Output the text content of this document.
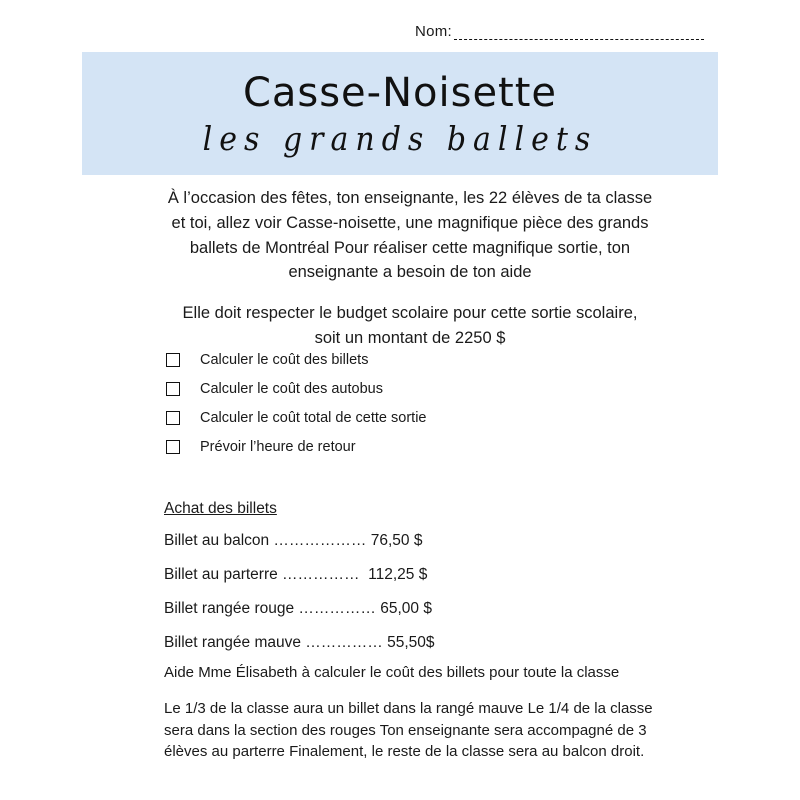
Nom:
Casse-Noisette
les grands ballets

À l’occasion des fêtes, ton enseignante, les 22 élèves de ta classe et toi, allez voir Casse-noisette, une magnifique pièce des grands ballets de Montréal Pour réaliser cette magnifique sortie, ton enseignante a besoin de ton aide

Elle doit respecter le budget scolaire pour cette sortie scolaire, soit un montant de 2250 $

Calculer le coût des billets
Calculer le coût des autobus
Calculer le coût total de cette sortie
Prévoir l’heure de retour
Achat des billets
Billet au balcon ……………… 76,50 $
Billet au parterre ……………  112,25 $
Billet rangée rouge …………… 65,00 $
Billet rangée mauve …………… 55,50$

Aide Mme Élisabeth à calculer le coût des billets pour toute la classe

Le 1/3 de la classe aura un billet dans la rangé mauve Le 1/4 de la classe sera dans la section des rouges Ton enseignante sera accompagné de 3 élèves au parterre Finalement, le reste de la classe sera au balcon droit.
